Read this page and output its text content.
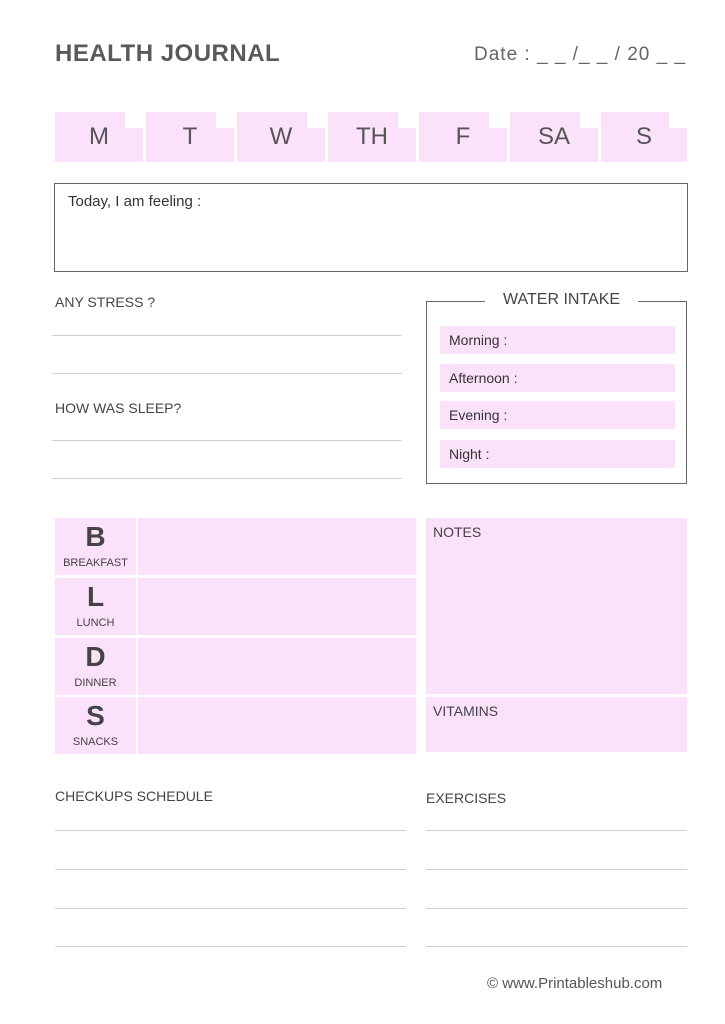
HEALTH JOURNAL	Date : _ _ /_ _ / 20 _ _
M	T	W	TH	F	SA	S
Today, I am feeling :
ANY STRESS ?
HOW WAS SLEEP?
WATER INTAKE
Morning :
Afternoon :
Evening :
Night :
B
BREAKFAST
L
LUNCH
D
DINNER
S
SNACKS
NOTES
VITAMINS
CHECKUPS SCHEDULE	EXERCISES
© www.Printableshub.com
